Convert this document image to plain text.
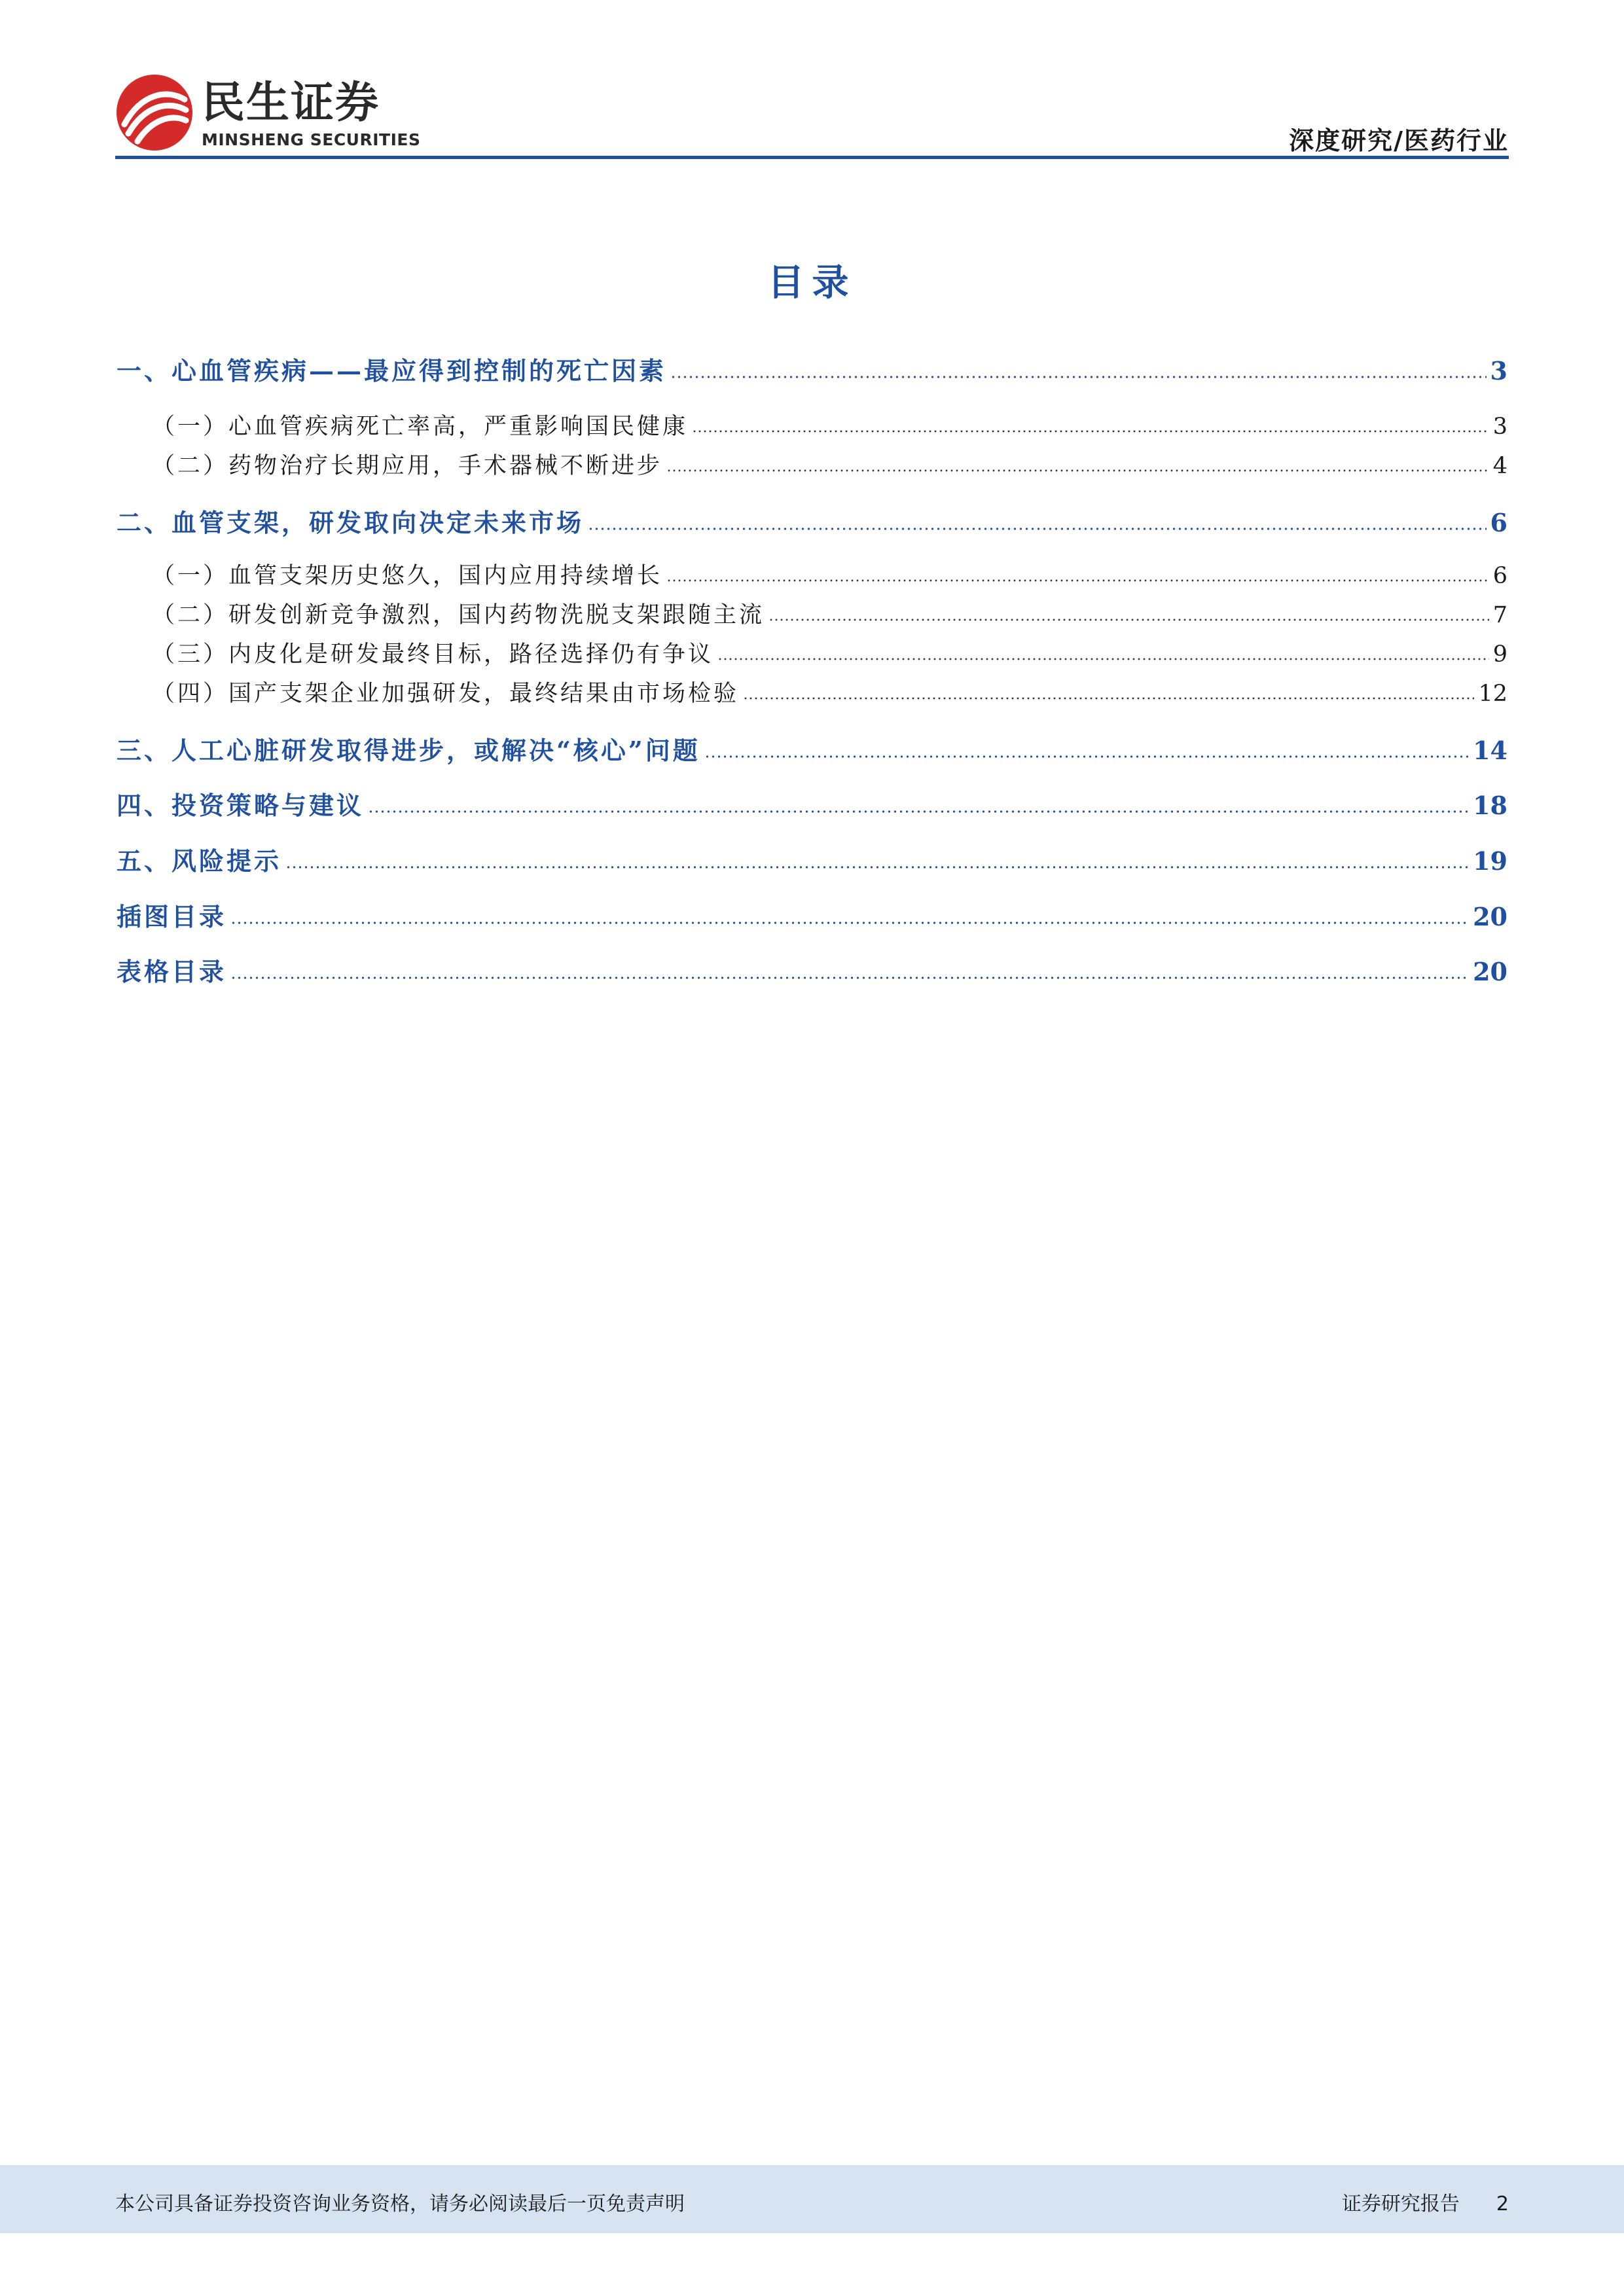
民生证券
MINSHENG SECURITIES	深度研究/医药行业
目录
一、心血管疾病——最应得到控制的死亡因素	3
（一）心血管疾病死亡率高，严重影响国民健康	3
（二）药物治疗长期应用，手术器械不断进步	4
二、血管支架，研发取向决定未来市场	6
（一）血管支架历史悠久，国内应用持续增长	6
（二）研发创新竞争激烈，国内药物洗脱支架跟随主流	7
（三）内皮化是研发最终目标，路径选择仍有争议	9
（四）国产支架企业加强研发，最终结果由市场检验	12
三、人工心脏研发取得进步，或解决“核心”问题	14
四、投资策略与建议	18
五、风险提示	19
插图目录	20
表格目录	20
本公司具备证券投资咨询业务资格，请务必阅读最后一页免责声明	证券研究报告 2
